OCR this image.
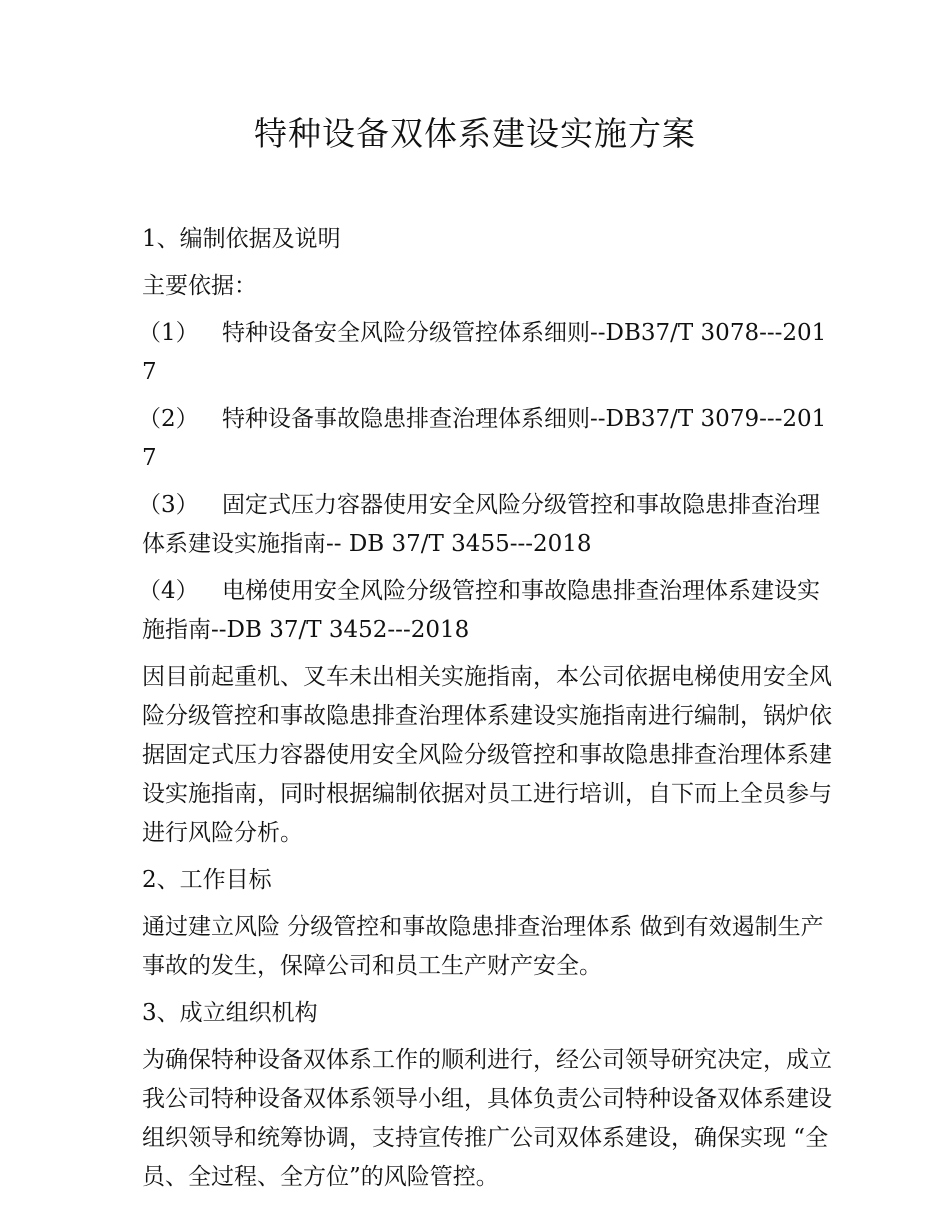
特种设备双体系建设实施方案

1、编制依据及说明

主要依据：

（1） 特种设备安全风险分级管控体系细则--DB37/T 3078---2017

（2） 特种设备事故隐患排查治理体系细则--DB37/T 3079---2017

（3） 固定式压力容器使用安全风险分级管控和事故隐患排查治理体系建设实施指南-- DB 37/T 3455---2018

（4） 电梯使用安全风险分级管控和事故隐患排查治理体系建设实施指南--DB 37/T 3452---2018

因目前起重机、叉车未出相关实施指南，本公司依据电梯使用安全风险分级管控和事故隐患排查治理体系建设实施指南进行编制，锅炉依据固定式压力容器使用安全风险分级管控和事故隐患排查治理体系建设实施指南，同时根据编制依据对员工进行培训，自下而上全员参与进行风险分析。

2、工作目标

通过建立风险 分级管控和事故隐患排查治理体系 做到有效遏制生产事故的发生，保障公司和员工生产财产安全。

3、成立组织机构

为确保特种设备双体系工作的顺利进行，经公司领导研究决定，成立我公司特种设备双体系领导小组，具体负责公司特种设备双体系建设组织领导和统筹协调，支持宣传推广公司双体系建设，确保实现 “全员、全过程、全方位”的风险管控。
